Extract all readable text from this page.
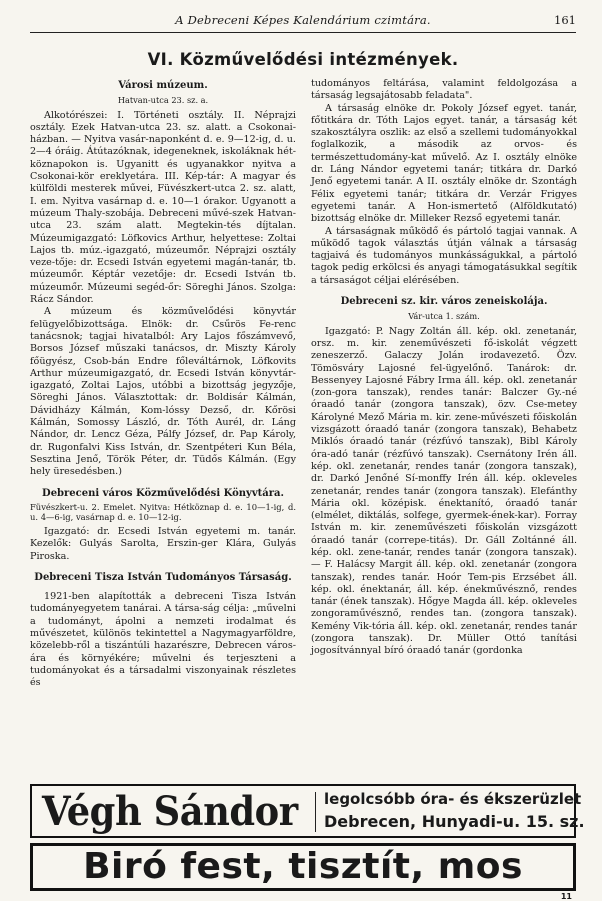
A Debreceni Képes Kalendárium czimtára.	161
VI. Közművelődési intézmények.
Városi múzeum.
Hatvan-utca 23. sz. a.

Alkotórészei: I. Történeti osztály. II. Néprajzi osztály. Ezek Hatvan-utca 23. sz. alatt. a Csokonai-házban. — Nyitva vasár-naponként d. e. 9—12-ig, d. u. 2—4 óráig. Átútazóknak, idegeneknek, iskoláknak hét-köznapokon is. Ugyanitt és ugyanakkor nyitva a Csokonai-kör ereklyetára. III. Kép-tár: A magyar és külföldi mesterek művei, Füvészkert-utca 2. sz. alatt, I. em. Nyitva vasárnap d. e. 10—1 órakor. Ugyanott a múzeum Thaly-szobája. Debreceni művé-szek Hatvan-utca 23. szám alatt. Megtekin-tés díjtalan. Múzeumigazgató: Löfkovics Arthur, helyettese: Zoltai Lajos tb. múz.-igazgató, múzeumőr. Néprajzi osztály veze-tője: dr. Ecsedi István egyetemi magán-tanár, tb. múzeumőr. Képtár vezetője: dr. Ecsedi István tb. múzeumőr. Múzeumi segéd-őr: Söreghi János. Szolga: Rácz Sándor.

A múzeum és közművelődési könyvtár felügyelőbizottsága. Elnök: dr. Csűrös Fe-renc tanácsnok; tagjai hivatalból: Ary Lajos főszámvevő, Borsos József műszaki tanácsos, dr. Miszty Károly főügyész, Csob-bán Endre főleváltárnok, Löfkovits Arthur múzeumigazgató, dr. Ecsedi István könyvtár-igazgató, Zoltai Lajos, utóbbi a bizottság jegyzője, Söreghi János. Választottak: dr. Boldisár Kálmán, Dávidházy Kálmán, Kom-lóssy Dezső, dr. Kőrösi Kálmán, Somossy László, dr. Tóth Aurél, dr. Láng Nándor, dr. Lencz Géza, Pálfy József, dr. Pap Károly, dr. Rugonfalvi Kiss István, dr. Szentpéteri Kun Béla, Sesztina Jenő, Török Péter, dr. Tüdős Kálmán. (Egy hely üresedésben.)

Debreceni város Közművelődési Könyvtára.
Füvészkert-u. 2. Emelet. Nyitva: Hétköznap d. e. 10—1-ig, d. u. 4—6-ig, vasárnap d. e. 10—12-ig.

Igazgató: dr. Ecsedi István egyetemi m. tanár. Kezelők: Gulyás Sarolta, Erszin-ger Klára, Gulyás Piroska.

Debreceni Tisza István Tudományos Társaság.

1921-ben alapították a debreceni Tisza István tudományegyetem tanárai. A társa-ság célja: „művelni a tudományt, ápolni a nemzeti irodalmat és művészetet, különös tekintettel a Nagymagyarföldre, közelebb-ről a tiszántúli hazarészre, Debrecen város-ára és környékére; művelni és terjeszteni a tudományokat és a társadalmi viszonyainak részletes és

tudományos feltárása, valamint feldolgozása a társaság legsajátosabb feladata".

A társaság elnöke dr. Pokoly József egyet. tanár, főtitkára dr. Tóth Lajos egyet. tanár, a társaság két szakosztályra oszlik: az első a szellemi tudományokkal foglalkozik, a második az orvos- és természettudomány-kat művelő. Az I. osztály elnöke dr. Láng Nándor egyetemi tanár; titkára dr. Darkó Jenő egyetemi tanár. A II. osztály elnöke dr. Szontágh Félix egyetemi tanár; titkára dr. Verzár Frigyes egyetemi tanár. A Hon-ismertető (Alföldkutató) bizottság elnöke dr. Milleker Rezső egyetemi tanár.

A társaságnak működő és pártoló tagjai vannak. A működő tagok választás útján válnak a társaság tagjaivá és tudományos munkásságukkal, a pártoló tagok pedig erkölcsi és anyagi támogatásukkal segítik a társaságot céljai elérésében.

Debreceni sz. kir. város zeneiskolája.
Vár-utca 1. szám.

Igazgató: P. Nagy Zoltán áll. kép. okl. zenetanár, orsz. m. kir. zeneművészeti fő-iskolát végzett zeneszerző. Galaczy Jolán irodavezető. Özv. Tömösváry Lajosné fel-ügyelőnő. Tanárok: dr. Bessenyey Lajosné Fábry Irma áll. kép. okl. zenetanár (zon-gora tanszak), rendes tanár: Balczer Gy.-né óraadó tanár (zongora tanszak), özv. Cse-metey Károlyné Mező Mária m. kir. zene-művészeti főiskolán vizsgázott óraadó tanár (zongora tanszak), Behabetz Miklós óraadó tanár (rézfúvó tanszak), Bibl Károly óra-adó tanár (rézfúvó tanszak). Csernátony Irén áll. kép. okl. zenetanár, rendes tanár (zongora tanszak), dr. Darkó Jenőné Sí-monffy Irén áll. kép. okleveles zenetanár, rendes tanár (zongora tanszak). Elefánthy Mária okl. középisk. énektanító, óraadó tanár (elmélet, diktálás, solfege, gyermek-ének-kar). Forray István m. kir. zeneművészeti főiskolán vizsgázott óraadó tanár (correpe-titás). Dr. Gáll Zoltánné áll. kép. okl. zene-tanár, rendes tanár (zongora tanszak). — F. Halácsy Margit áll. kép. okl. zenetanár (zongora tanszak), rendes tanár. Hoór Tem-pis Erzsébet áll. kép. okl. énektanár, áll. kép. énekművésznő, rendes tanár (ének tanszak). Hőgye Magda áll. kép. okleveles zongoraművésznő, rendes tan. (zongora tanszak). Kemény Vik-tória áll. kép. okl. zenetanár, rendes tanár (zongora tanszak). Dr. Müller Ottó tanítási jogosítvánnyal bíró óraadó tanár (gordonka

Végh Sándor legolcsóbb óra- és ékszerüzlet
Debrecen, Hunyadi-u. 15. sz.
Biró fest, tisztít, mos
11
